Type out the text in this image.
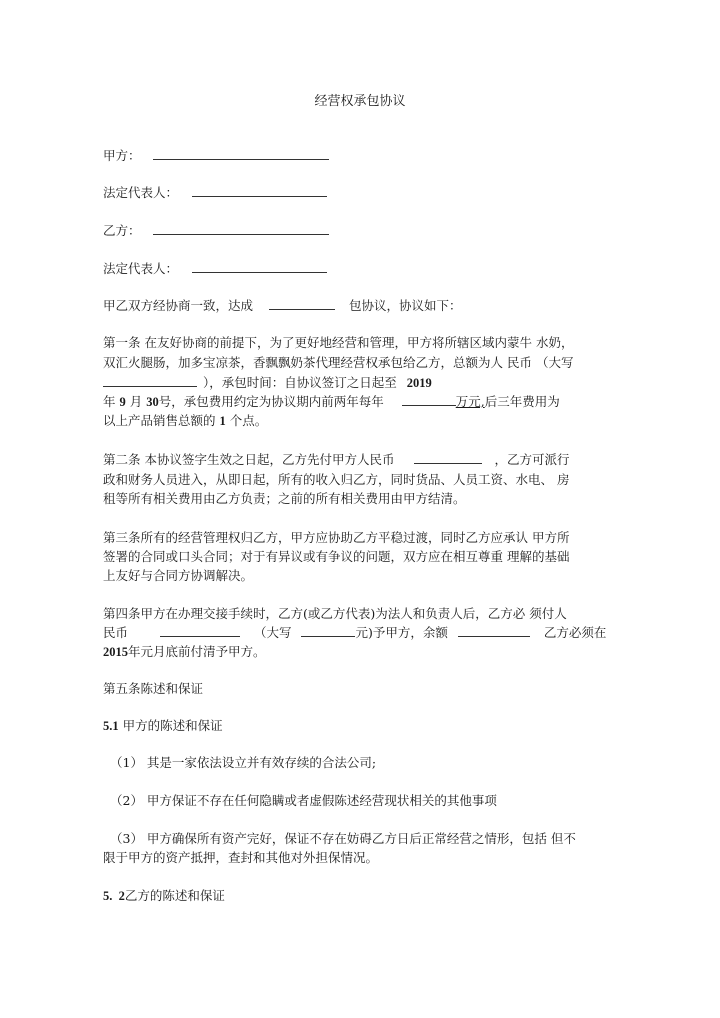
经营权承包协议
甲方：
法定代表人：
乙方：
法定代表人：
甲乙双方经协商一致，达成	包协议，协议如下：
第一条 在友好协商的前提下，为了更好地经营和管理，甲方将所辖区域内蒙牛 水奶，
双汇火腿肠，加多宝凉茶，香飘飘奶茶代理经营权承包给乙方，总额为人 民币 （大写
），承包时间：自协议签订之日起至 2019
年 9 月 30号，承包费用约定为协议期内前两年每年	万元,后三年费用为
以上产品销售总额的 1 个点。
第二条 本协议签字生效之日起，乙方先付甲方人民币	，乙方可派行
政和财务人员进入，从即日起，所有的收入归乙方，同时货品、人员工资、水电、 房
租等所有相关费用由乙方负责；之前的所有相关费用由甲方结清。
第三条所有的经营管理权归乙方，甲方应协助乙方平稳过渡，同时乙方应承认 甲方所
签署的合同或口头合同；对于有异议或有争议的问题，双方应在相互尊重 理解的基础
上友好与合同方协调解决。
第四条甲方在办理交接手续时，乙方(或乙方代表)为法人和负责人后，乙方必 须付人
民币	（大写	元)予甲方，余额	乙方必须在
2015年元月底前付清予甲方。
第五条陈述和保证
5.1 甲方的陈述和保证
（1） 其是一家依法设立并有效存续的合法公司;
（2） 甲方保证不存在任何隐瞒或者虚假陈述经营现状相关的其他事项
（3） 甲方确保所有资产完好，保证不存在妨碍乙方日后正常经营之情形，包括 但不
限于甲方的资产抵押，查封和其他对外担保情况。
5.  2乙方的陈述和保证
